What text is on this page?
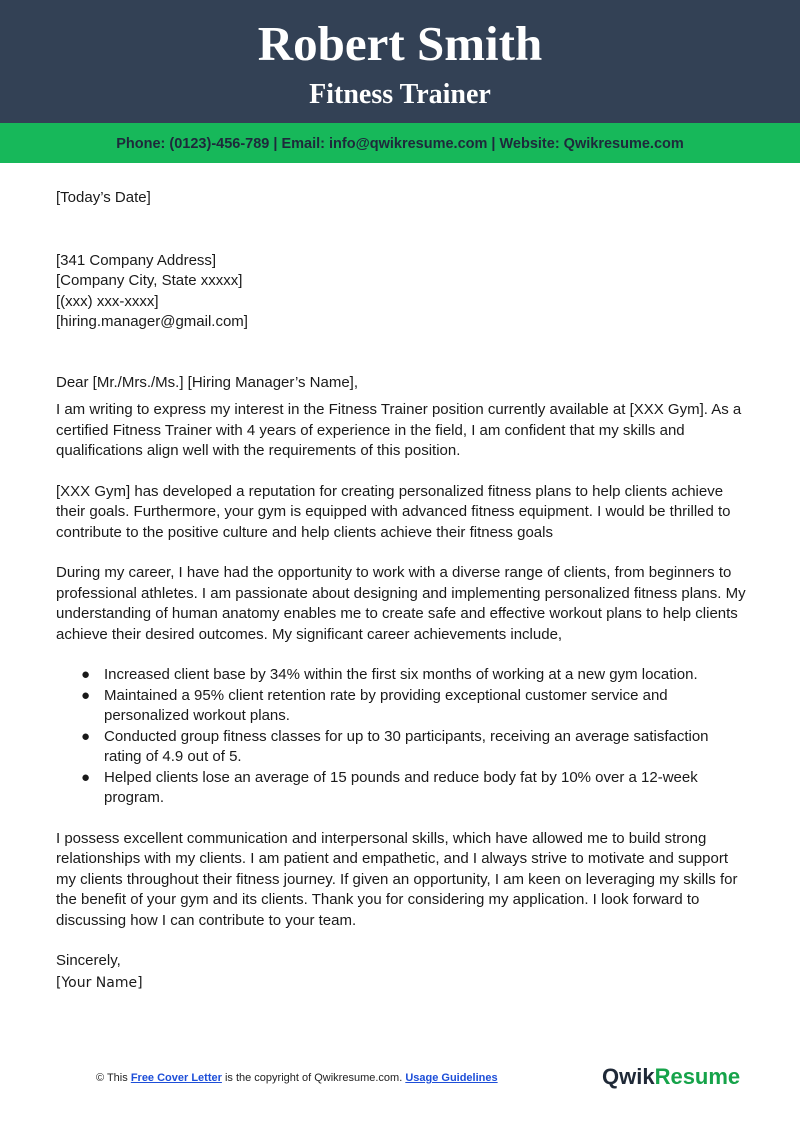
Robert Smith
Fitness Trainer
Phone: (0123)-456-789 | Email: info@qwikresume.com | Website: Qwikresume.com

[Today’s Date]

[341 Company Address]
[Company City, State xxxxx]
[(xxx) xxx-xxxx]
[hiring.manager@gmail.com]

Dear [Mr./Mrs./Ms.] [Hiring Manager’s Name],

I am writing to express my interest in the Fitness Trainer position currently available at [XXX Gym]. As a certified Fitness Trainer with 4 years of experience in the field, I am confident that my skills and qualifications align well with the requirements of this position.

[XXX Gym] has developed a reputation for creating personalized fitness plans to help clients achieve their goals. Furthermore, your gym is equipped with advanced fitness equipment. I would be thrilled to contribute to the positive culture and help clients achieve their fitness goals

During my career, I have had the opportunity to work with a diverse range of clients, from beginners to professional athletes. I am passionate about designing and implementing personalized fitness plans. My understanding of human anatomy enables me to create safe and effective workout plans to help clients achieve their desired outcomes. My significant career achievements include,

● Increased client base by 34% within the first six months of working at a new gym location.
● Maintained a 95% client retention rate by providing exceptional customer service and personalized workout plans.
● Conducted group fitness classes for up to 30 participants, receiving an average satisfaction rating of 4.9 out of 5.
● Helped clients lose an average of 15 pounds and reduce body fat by 10% over a 12-week program.

I possess excellent communication and interpersonal skills, which have allowed me to build strong relationships with my clients. I am patient and empathetic, and I always strive to motivate and support my clients throughout their fitness journey. If given an opportunity, I am keen on leveraging my skills for the benefit of your gym and its clients. Thank you for considering my application. I look forward to discussing how I can contribute to your team.

Sincerely,

[Your Name]

© This Free Cover Letter is the copyright of Qwikresume.com. Usage Guidelines	QwikResume
